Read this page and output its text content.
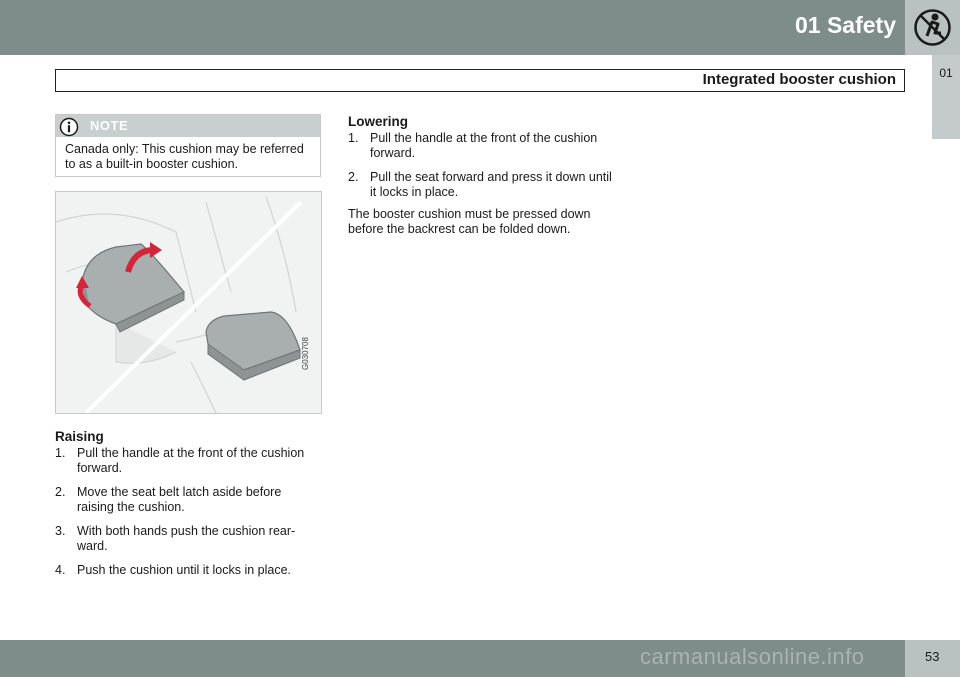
01 Safety
01
Integrated booster cushion
NOTE
Canada only: This cushion may be referred to as a built-in booster cushion.
G030708
Raising
1. Pull the handle at the front of the cushion forward.
2. Move the seat belt latch aside before raising the cushion.
3. With both hands push the cushion rear-ward.
4. Push the cushion until it locks in place.
Lowering
1. Pull the handle at the front of the cushion forward.
2. Pull the seat forward and press it down until it locks in place.
The booster cushion must be pressed down before the backrest can be folded down.
carmanualsonline.info	53
